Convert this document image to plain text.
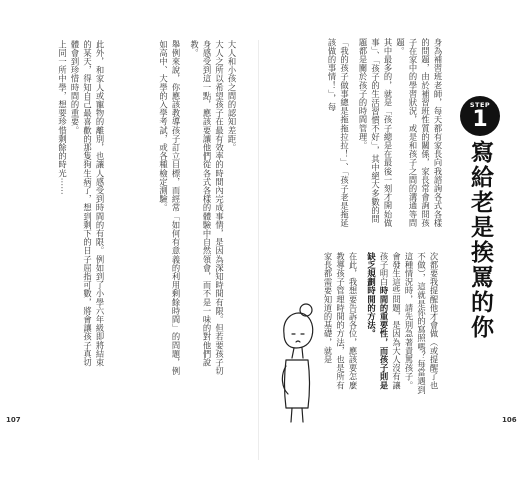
大人和小孩之間的認知差距。

大人之所以希望孩子在最有效率的時間內完成事情，是因為深知時間有限。但若要孩子切身感受到這一點，應該要讓他們從各式各樣的體驗中自然領會，而不是一味的對他們說教。

舉例來說，你應該教導孩子訂立目標，而經常「如何有意義的利用剩餘時間」的問題，例如高中、大學的入學考試，或各種檢定測驗。

此外，和家人或寵物的離別，也讓人感受到時間的有限。例如到了小學六年級即將結束的某天，得知自己最喜歡的那隻狗生病了，想到剩下的日子屈指可數，將會讓孩子真切體會到珍惜時間的重要。

上同一所中學，想要珍惜剩餘的時光⋯⋯

107

身為補習班老師，每天都有家長向我諮詢各式各樣的問題，由於補習班性質的關係，家長常會詢問孩子在家中的學習狀況，或是和孩子之間的溝通等問題。

其中最多的，就是「孩子總是在最後一刻才開始做事」、「孩子的生活習慣不好」，其中絕大多數的問題都是關於孩子的時間管理。

「我的孩子做事總是拖拖拉拉！」、「孩子老是拖延該做的事情！」，每	STEP
1
寫給老是挨罵的你

次都要我提醒他才會做（或提醒了也不做），這就是你的寫照嗎？每當遇到這種情況時，請先別急著責罵孩子。

會發生這些問題，是因為大人沒有讓孩子明白時間的重要性，而孩子則是缺乏規劃時間的方法。

在此，我想要告訴各位，應該要怎麼教導孩子管理時間的方法，也是所有家長都需要知道的基礎，就是

106
